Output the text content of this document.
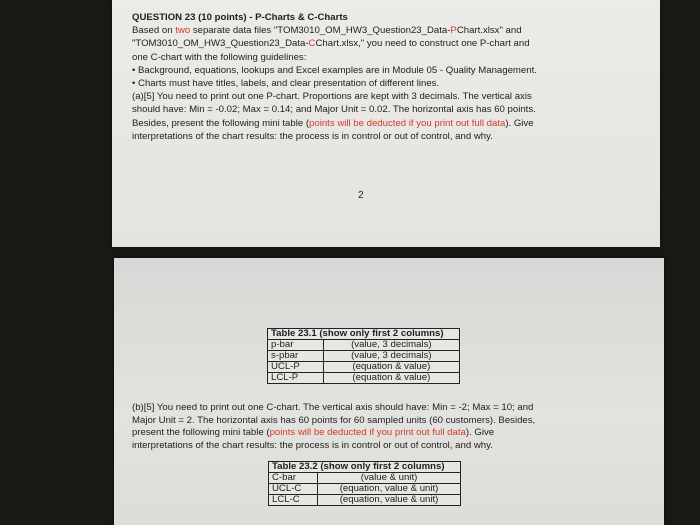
QUESTION 23 (10 points) - P-Charts & C-Charts
Based on two separate data files "TOM3010_OM_HW3_Question23_Data-PChart.xlsx" and
"TOM3010_OM_HW3_Question23_Data-CChart.xlsx," you need to construct one P-chart and
one C-chart with the following guidelines:
• Background, equations, lookups and Excel examples are in Module 05 - Quality Management.
• Charts must have titles, labels, and clear presentation of different lines.
(a)[5] You need to print out one P-chart. Proportions are kept with 3 decimals. The vertical axis
should have: Min = -0.02; Max = 0.14; and Major Unit = 0.02. The horizontal axis has 60 points.
Besides, present the following mini table (points will be deducted if you print out full data). Give
interpretations of the chart results: the process is in control or out of control, and why.
2
Table 23.1 (show only first 2 columns)	
p-bar	(value, 3 decimals)
s-pbar	(value, 3 decimals)
UCL-P	(equation & value)
LCL-P	(equation & value)
(b)[5] You need to print out one C-chart. The vertical axis should have: Min = -2; Max = 10; and
Major Unit = 2. The horizontal axis has 60 points for 60 sampled units (60 customers). Besides,
present the following mini table (points will be deducted if you print out full data). Give
interpretations of the chart results: the process is in control or out of control, and why.
Table 23.2 (show only first 2 columns)	
C-bar	(value & unit)
UCL-C	(equation, value & unit)
LCL-C	(equation, value & unit)
